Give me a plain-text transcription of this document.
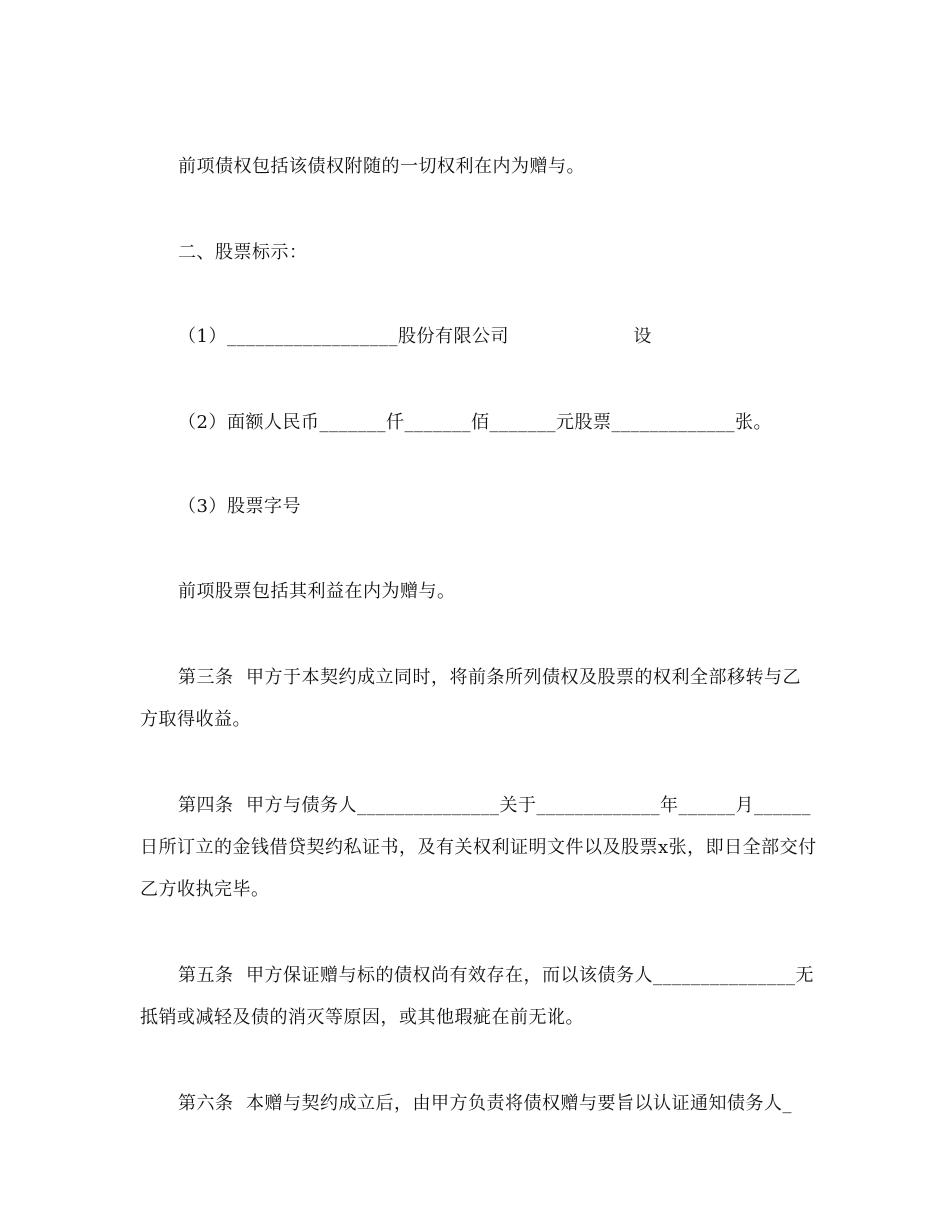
前项债权包括该债权附随的一切权利在内为赠与。
二、股票标示：
（1）__________________股份有限公司                    设
（2）面额人民币_______仟_______佰_______元股票_____________张。
（3）股票字号
前项股票包括其利益在内为赠与。
第三条  甲方于本契约成立同时，将前条所列债权及股票的权利全部移转与乙
方取得收益。
第四条  甲方与债务人_______________关于_____________年______月______
日所订立的金钱借贷契约私证书，及有关权利证明文件以及股票x张，即日全部交付
乙方收执完毕。
第五条  甲方保证赠与标的债权尚有效存在，而以该债务人_______________无
抵销或减轻及债的消灭等原因，或其他瑕疵在前无讹。
第六条  本赠与契约成立后，由甲方负责将债权赠与要旨以认证通知债务人_
